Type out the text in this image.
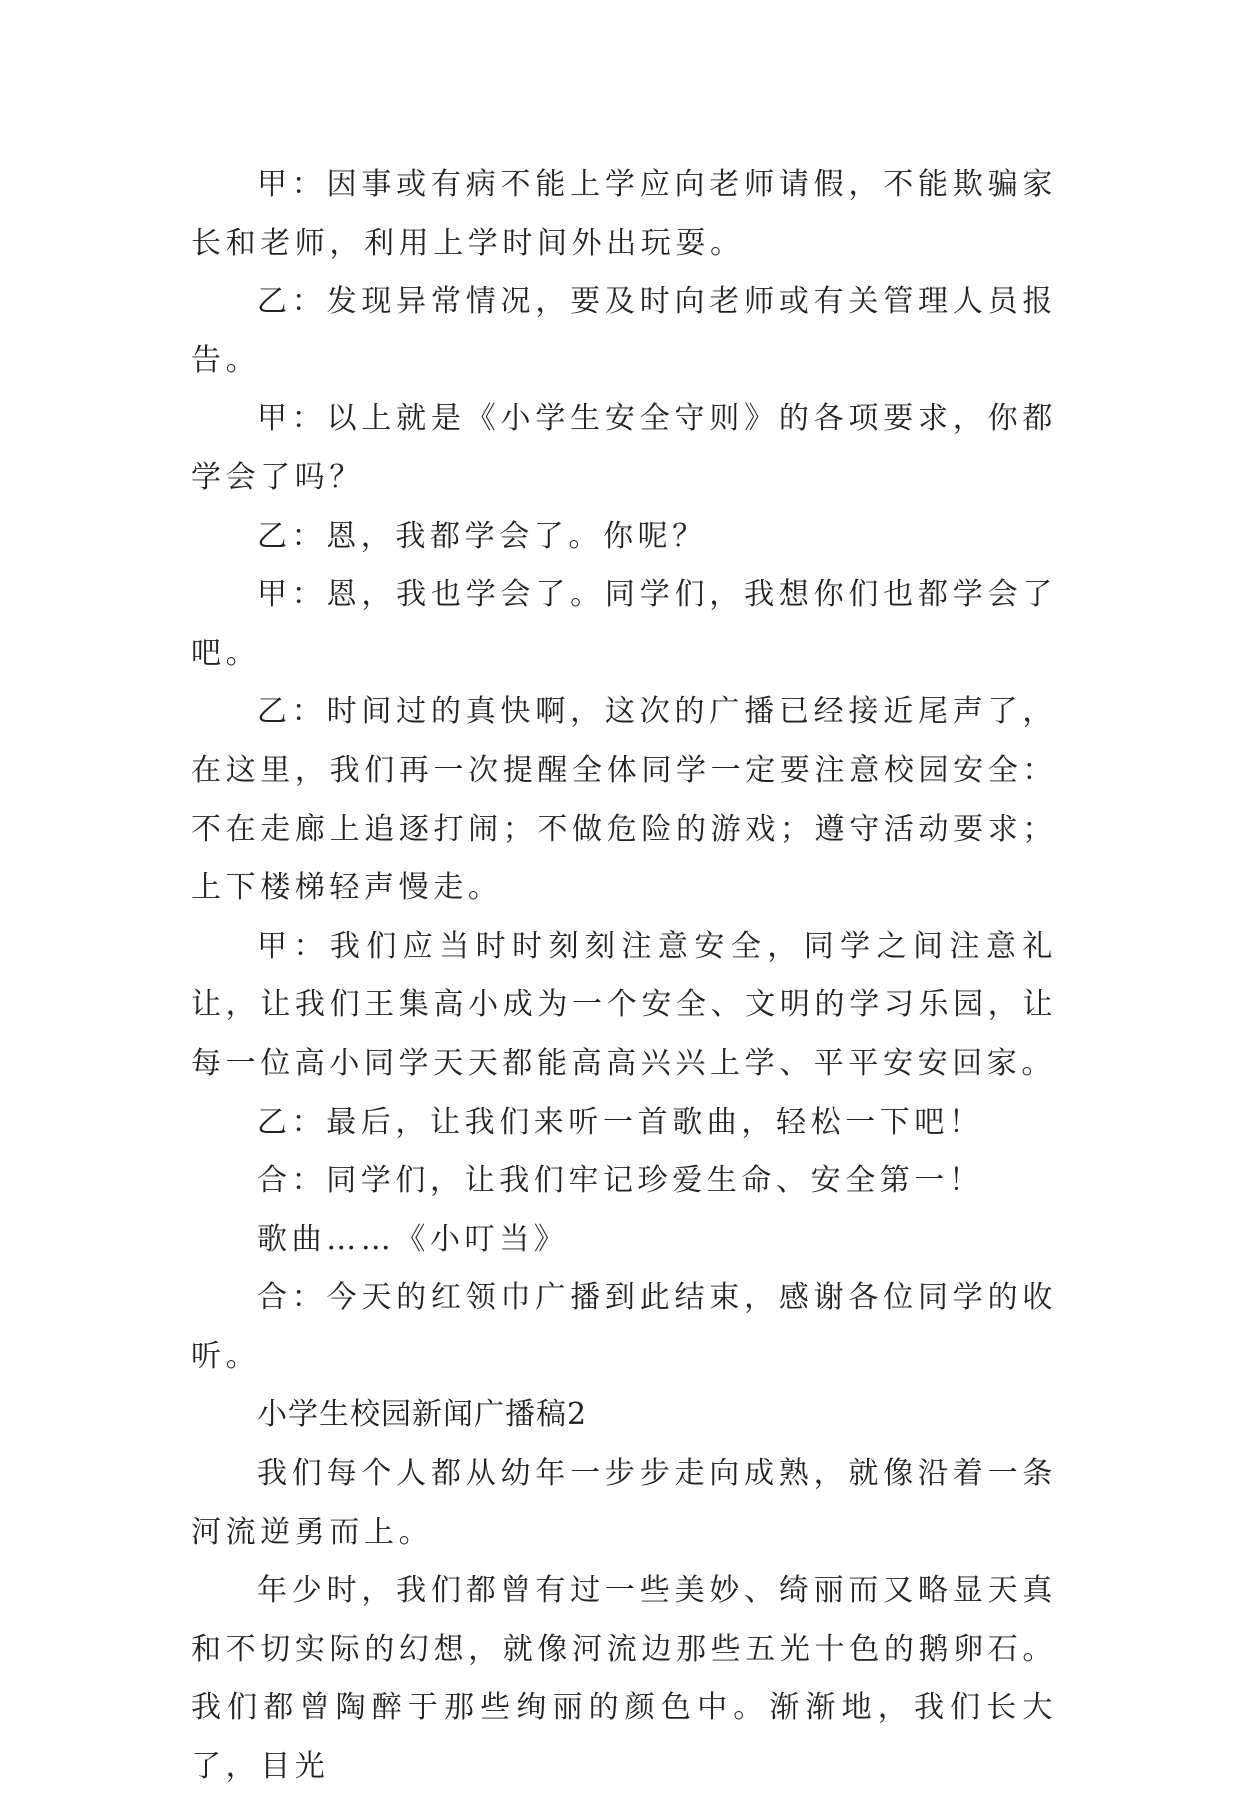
甲：因事或有病不能上学应向老师请假，不能欺骗家长和老师，利用上学时间外出玩耍。

乙：发现异常情况，要及时向老师或有关管理人员报告。

甲：以上就是《小学生安全守则》的各项要求，你都学会了吗？

乙：恩，我都学会了。你呢？

甲：恩，我也学会了。同学们，我想你们也都学会了吧。

乙：时间过的真快啊，这次的广播已经接近尾声了，在这里，我们再一次提醒全体同学一定要注意校园安全：不在走廊上追逐打闹；不做危险的游戏；遵守活动要求；上下楼梯轻声慢走。

甲：我们应当时时刻刻注意安全，同学之间注意礼让，让我们王集高小成为一个安全、文明的学习乐园，让每一位高小同学天天都能高高兴兴上学、平平安安回家。

乙：最后，让我们来听一首歌曲，轻松一下吧！

合：同学们，让我们牢记珍爱生命、安全第一！

歌曲……《小叮当》

合：今天的红领巾广播到此结束，感谢各位同学的收听。

小学生校园新闻广播稿2

我们每个人都从幼年一步步走向成熟，就像沿着一条河流逆勇而上。

年少时，我们都曾有过一些美妙、绮丽而又略显天真和不切实际的幻想，就像河流边那些五光十色的鹅卵石。我们都曾陶醉于那些绚丽的颜色中。渐渐地，我们长大了，目光
